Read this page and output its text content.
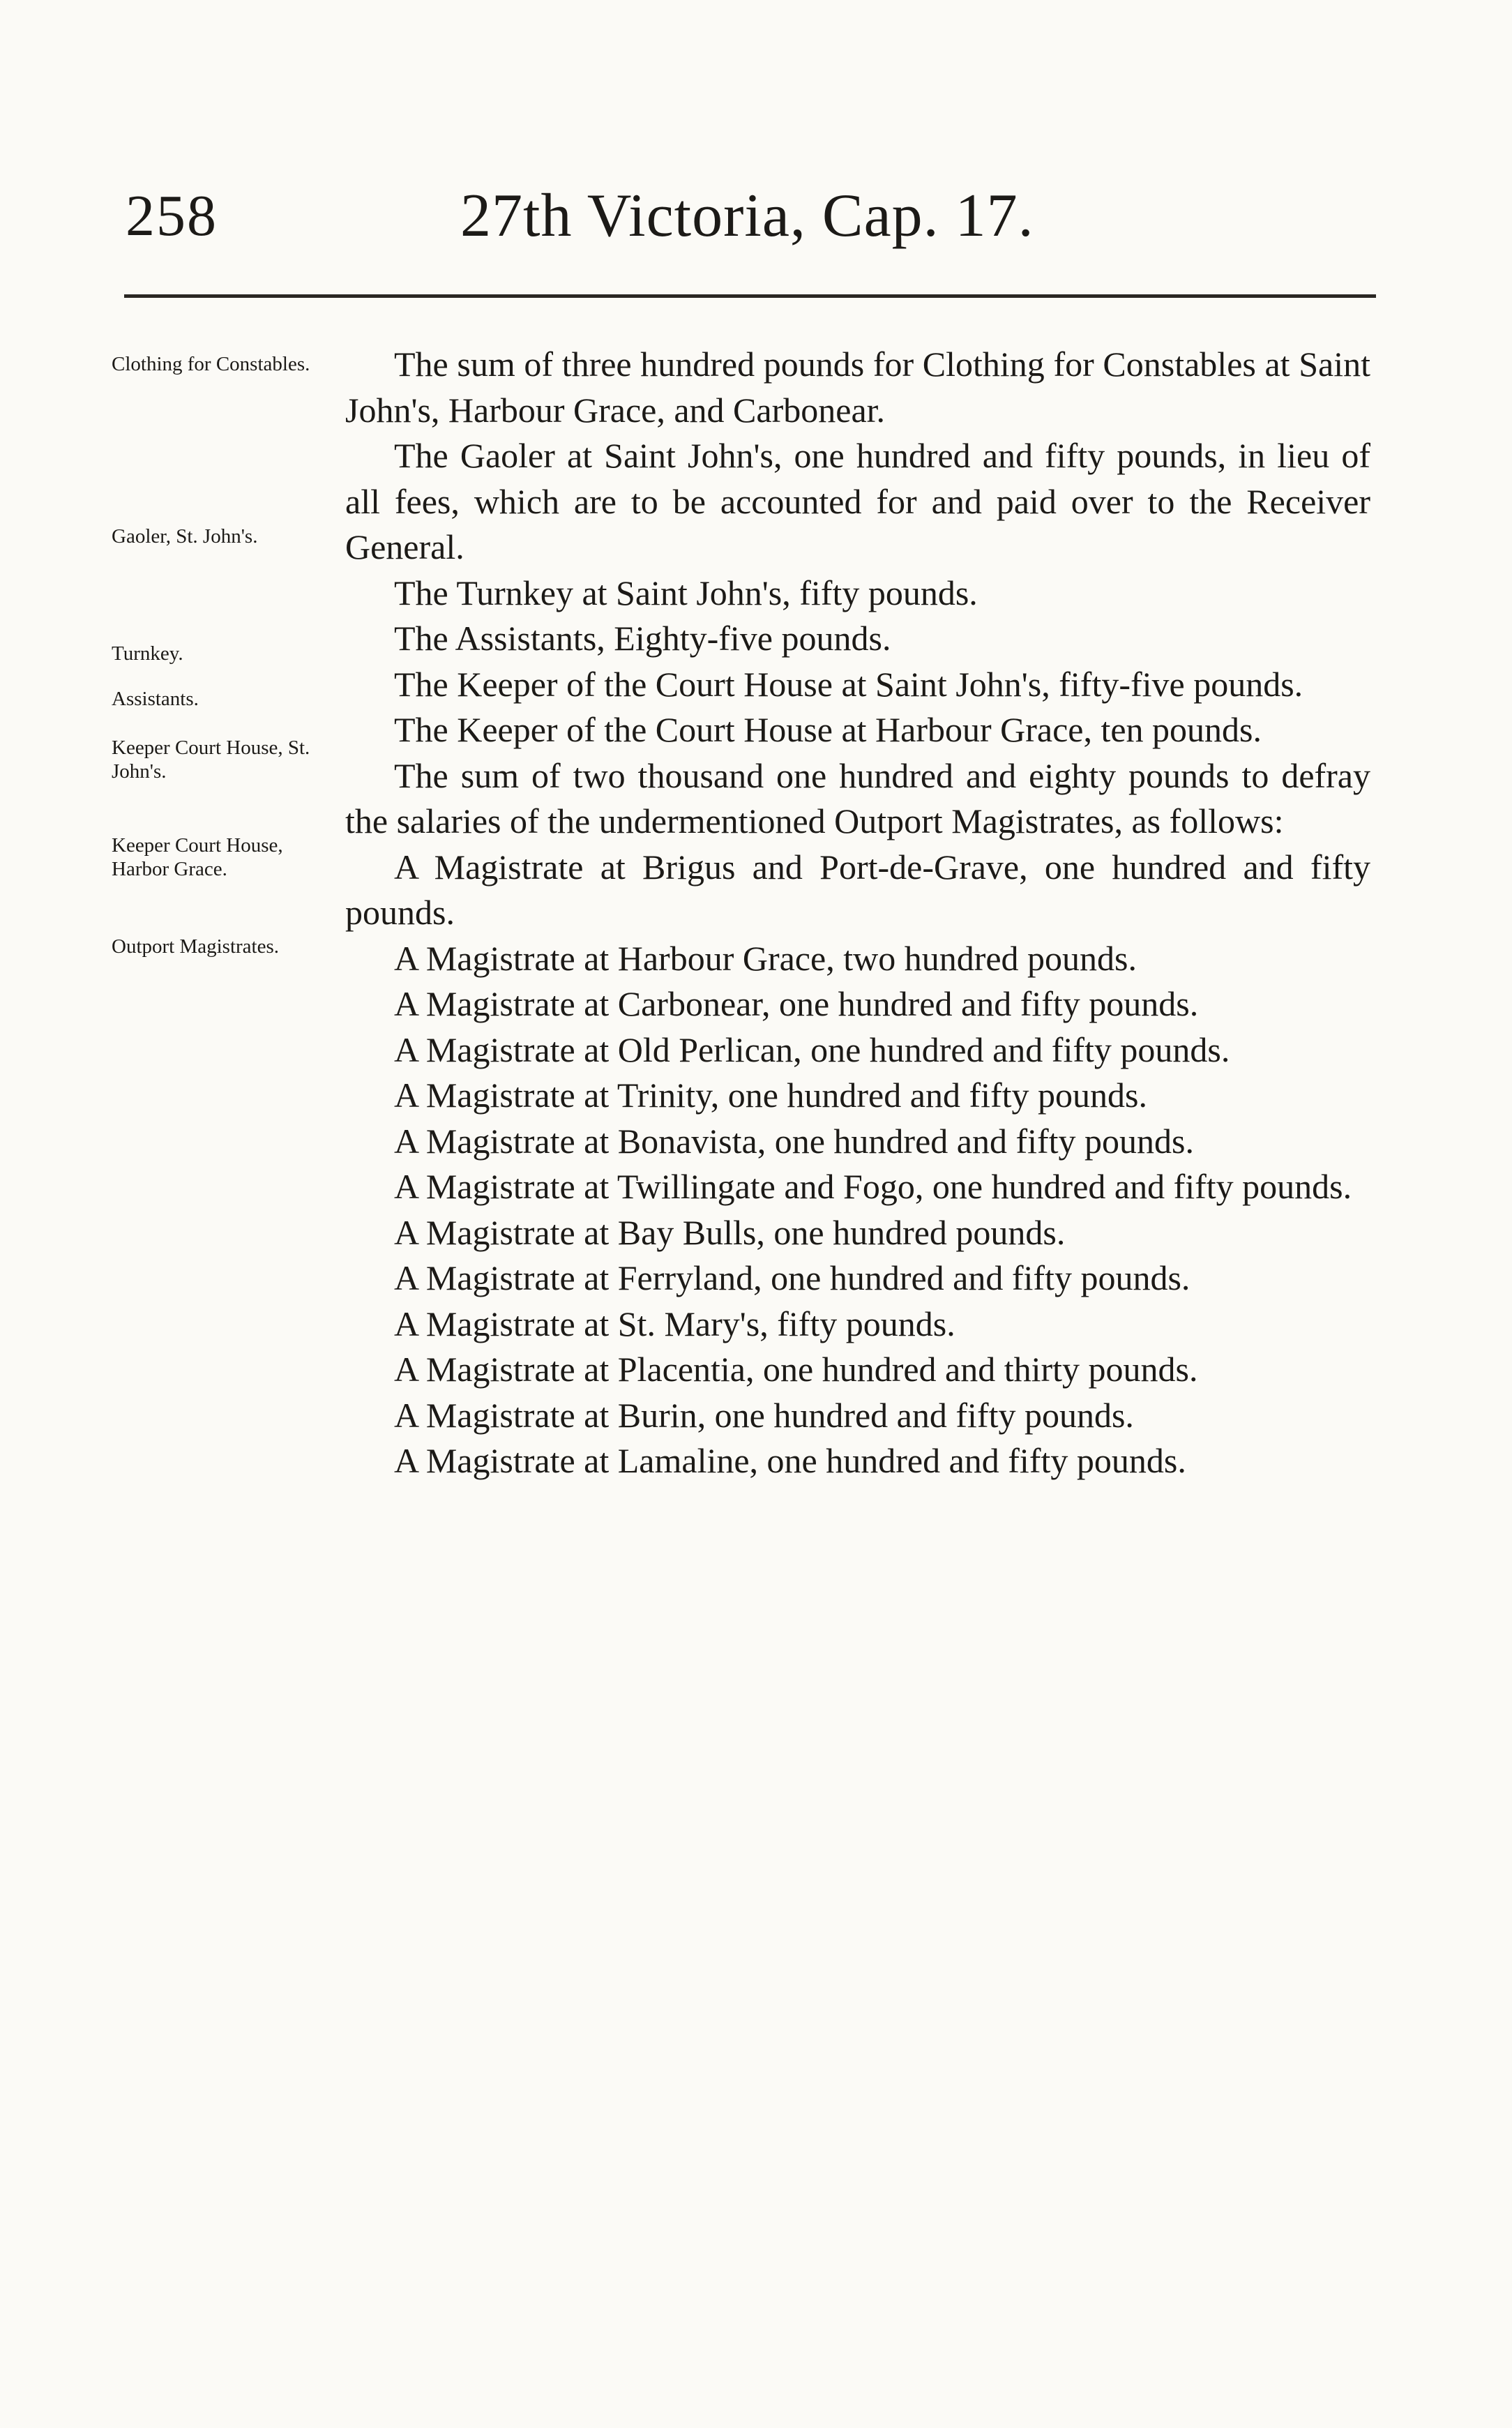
258	27th Victoria, Cap. 17.
Clothing for Constables.
Gaoler, St. John's.
Turnkey.
Assistants.
Keeper Court House, St. John's.
Keeper Court House, Harbor Grace.
Outport Magistrates.

The sum of three hundred pounds for Clothing for Constables at Saint John's, Harbour Grace, and Carbonear.

The Gaoler at Saint John's, one hundred and fifty pounds, in lieu of all fees, which are to be accounted for and paid over to the Receiver General.

The Turnkey at Saint John's, fifty pounds.

The Assistants, Eighty-five pounds.

The Keeper of the Court House at Saint John's, fifty-five pounds.

The Keeper of the Court House at Harbour Grace, ten pounds.

The sum of two thousand one hundred and eighty pounds to defray the salaries of the undermentioned Outport Magistrates, as follows:

A Magistrate at Brigus and Port-de-Grave, one hundred and fifty pounds.

A Magistrate at Harbour Grace, two hundred pounds.

A Magistrate at Carbonear, one hundred and fifty pounds.

A Magistrate at Old Perlican, one hundred and fifty pounds.

A Magistrate at Trinity, one hundred and fifty pounds.

A Magistrate at Bonavista, one hundred and fifty pounds.

A Magistrate at Twillingate and Fogo, one hundred and fifty pounds.

A Magistrate at Bay Bulls, one hundred pounds.

A Magistrate at Ferryland, one hundred and fifty pounds.

A Magistrate at St. Mary's, fifty pounds.

A Magistrate at Placentia, one hundred and thirty pounds.

A Magistrate at Burin, one hundred and fifty pounds.

A Magistrate at Lamaline, one hundred and fifty pounds.
